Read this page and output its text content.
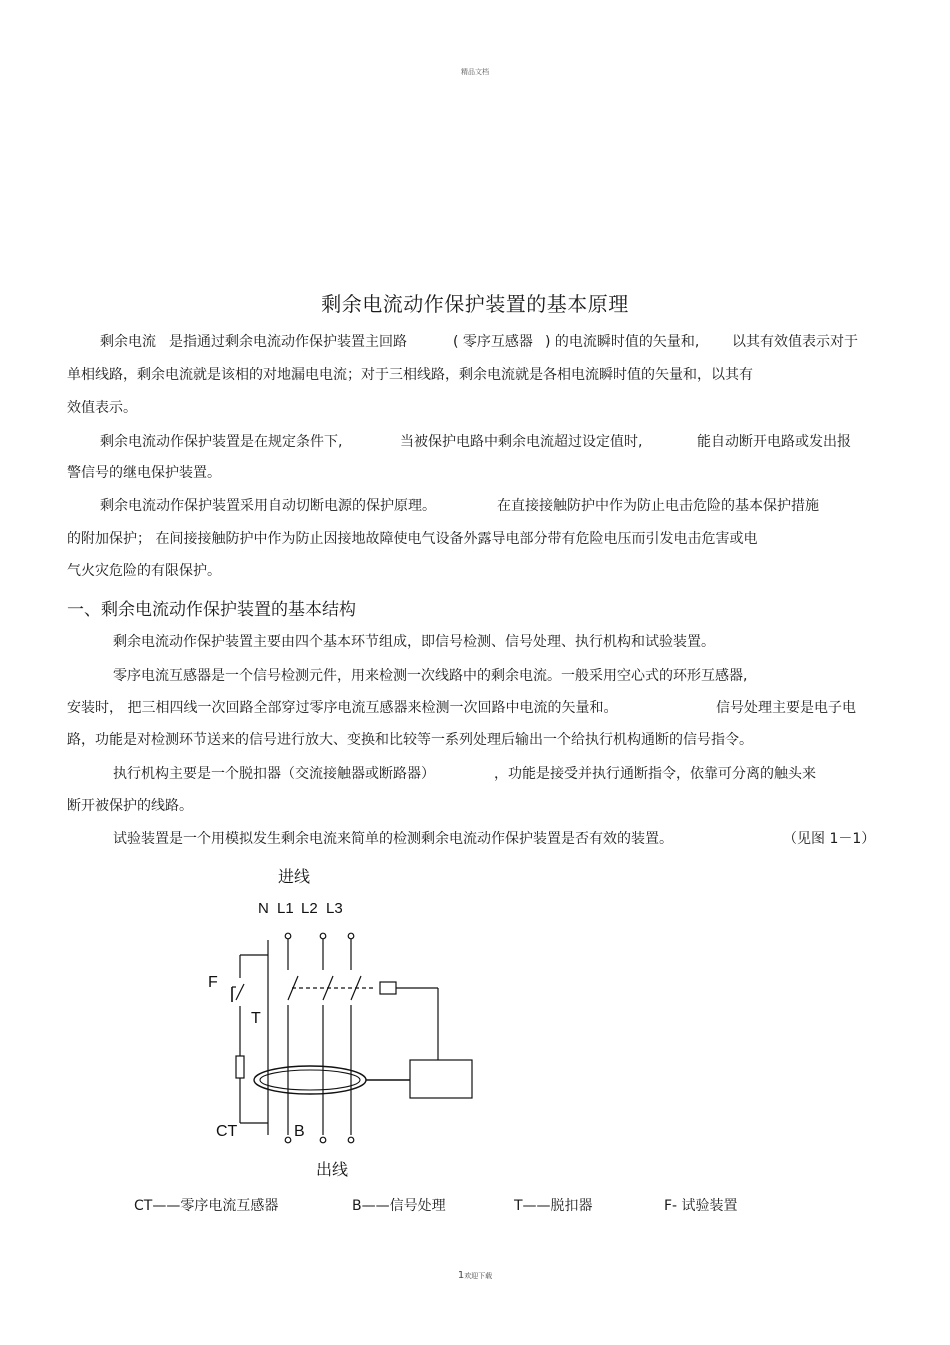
精品文档
剩余电流动作保护装置的基本原理
剩余电流 是指通过剩余电流动作保护装置主回路	( 零序互感器 ) 的电流瞬时值的矢量和, 以其有效值表示对于
单相线路，剩余电流就是该相的对地漏电电流；对于三相线路，剩余电流就是各相电流瞬时值的矢量和，以其有
效值表示。
剩余电流动作保护装置是在规定条件下,	当被保护电路中剩余电流超过设定值时,	能自动断开电路或发出报
警信号的继电保护装置。
剩余电流动作保护装置采用自动切断电源的保护原理。	在直接接触防护中作为防止电击危险的基本保护措施
的附加保护； 在间接接触防护中作为防止因接地故障使电气设备外露导电部分带有危险电压而引发电击危害或电
气火灾危险的有限保护。
一、剩余电流动作保护装置的基本结构
剩余电流动作保护装置主要由四个基本环节组成，即信号检测、信号处理、执行机构和试验装置。
零序电流互感器是一个信号检测元件，用来检测一次线路中的剩余电流。一般采用空心式的环形互感器,
安装时， 把三相四线一次回路全部穿过零序电流互感器来检测一次回路中电流的矢量和。	信号处理主要是电子电
路，功能是对检测环节送来的信号进行放大、变换和比较等一系列处理后输出一个给执行机构通断的信号指令。
执行机构主要是一个脱扣器（交流接触器或断路器）	，功能是接受并执行通断指令，依靠可分离的触头来
断开被保护的线路。
试验装置是一个用模拟发生剩余电流来简单的检测剩余电流动作保护装置是否有效的装置。	（见图 1－1）
进线
N L1 L2 L3
F
T
CT	B
出线
CT——零序电流互感器	B——信号处理	T——脱扣器	F- 试验装置
1欢迎下载
